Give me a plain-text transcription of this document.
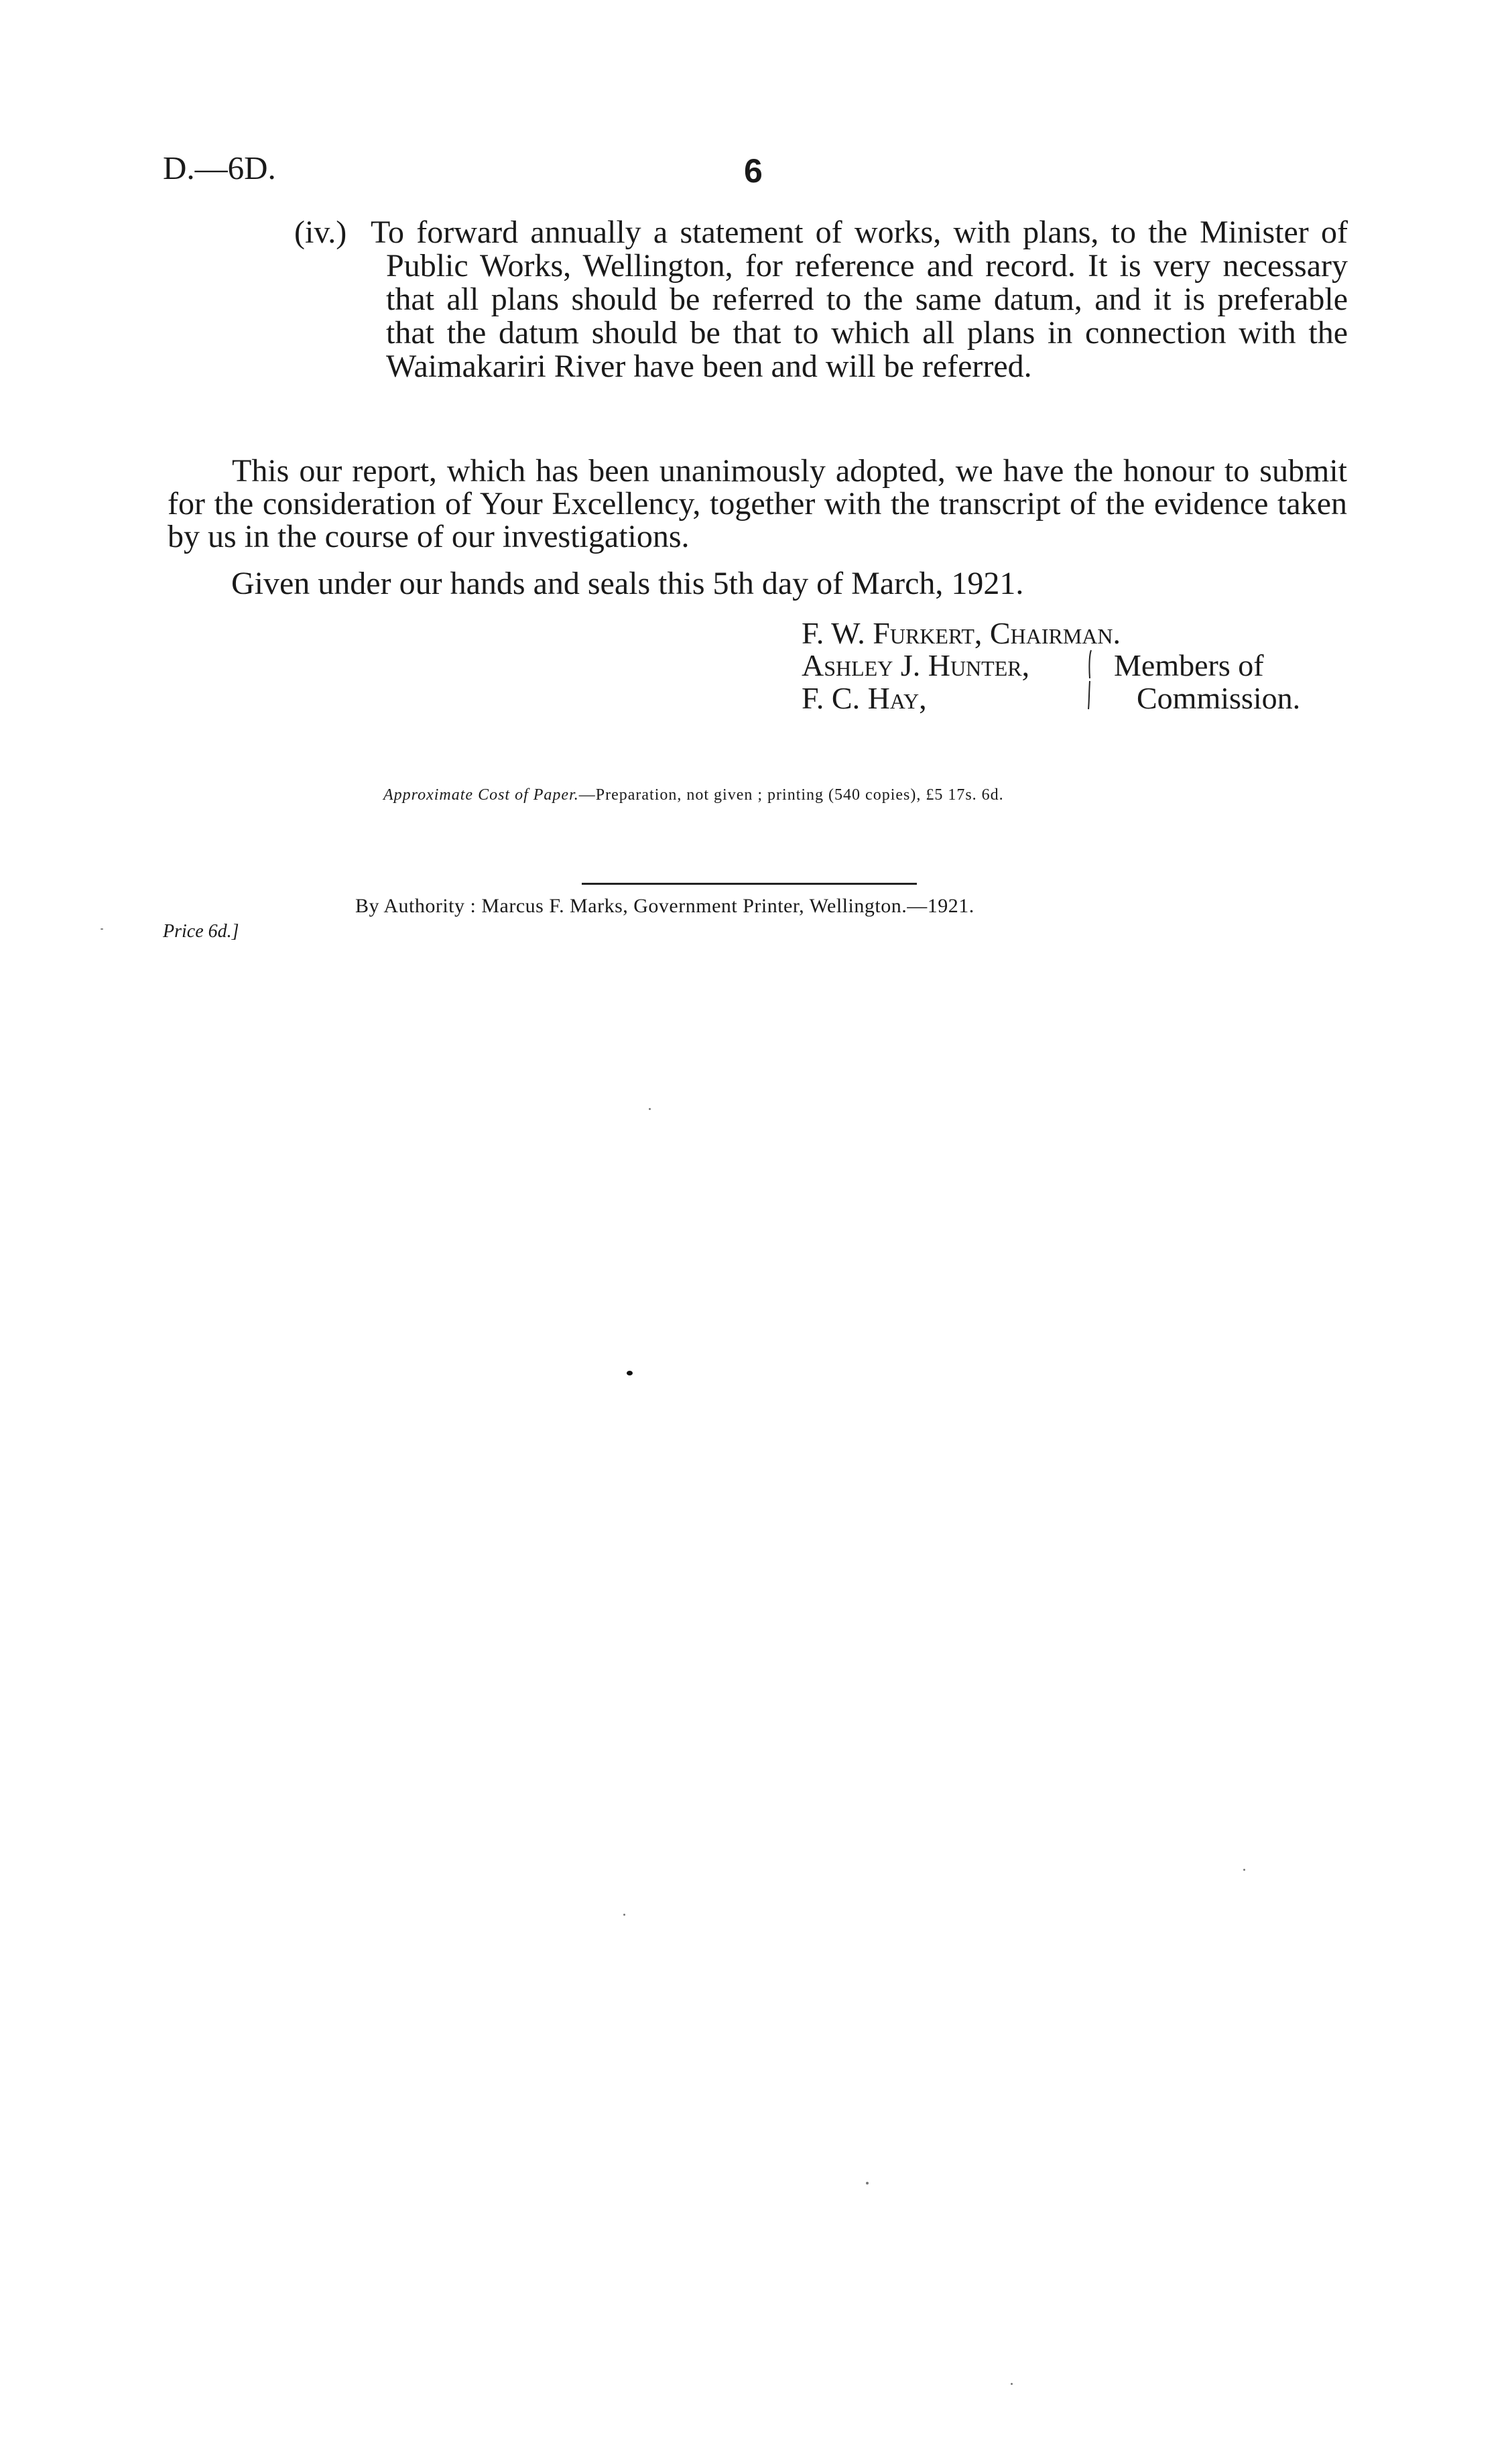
D.—6D.	6
(iv.) To forward annually a statement of works, with plans, to the Minister of Public Works, Wellington, for reference and record. It is very necessary that all plans should be referred to the same datum, and it is preferable that the datum should be that to which all plans in connection with the Waimakariri River have been and will be referred.
This our report, which has been unanimously adopted, we have the honour to submit for the consideration of Your Excellency, together with the transcript of the evidence taken by us in the course of our investigations.
Given under our hands and seals this 5th day of March, 1921.
F. W. Furkert, Chairman.
Ashley J. Hunter,
F. C. Hay,
Members of
Commission.
Approximate Cost of Paper.—Preparation, not given ; printing (540 copies), £5 17s. 6d.
By Authority : Marcus F. Marks, Government Printer, Wellington.—1921.
Price 6d.]
